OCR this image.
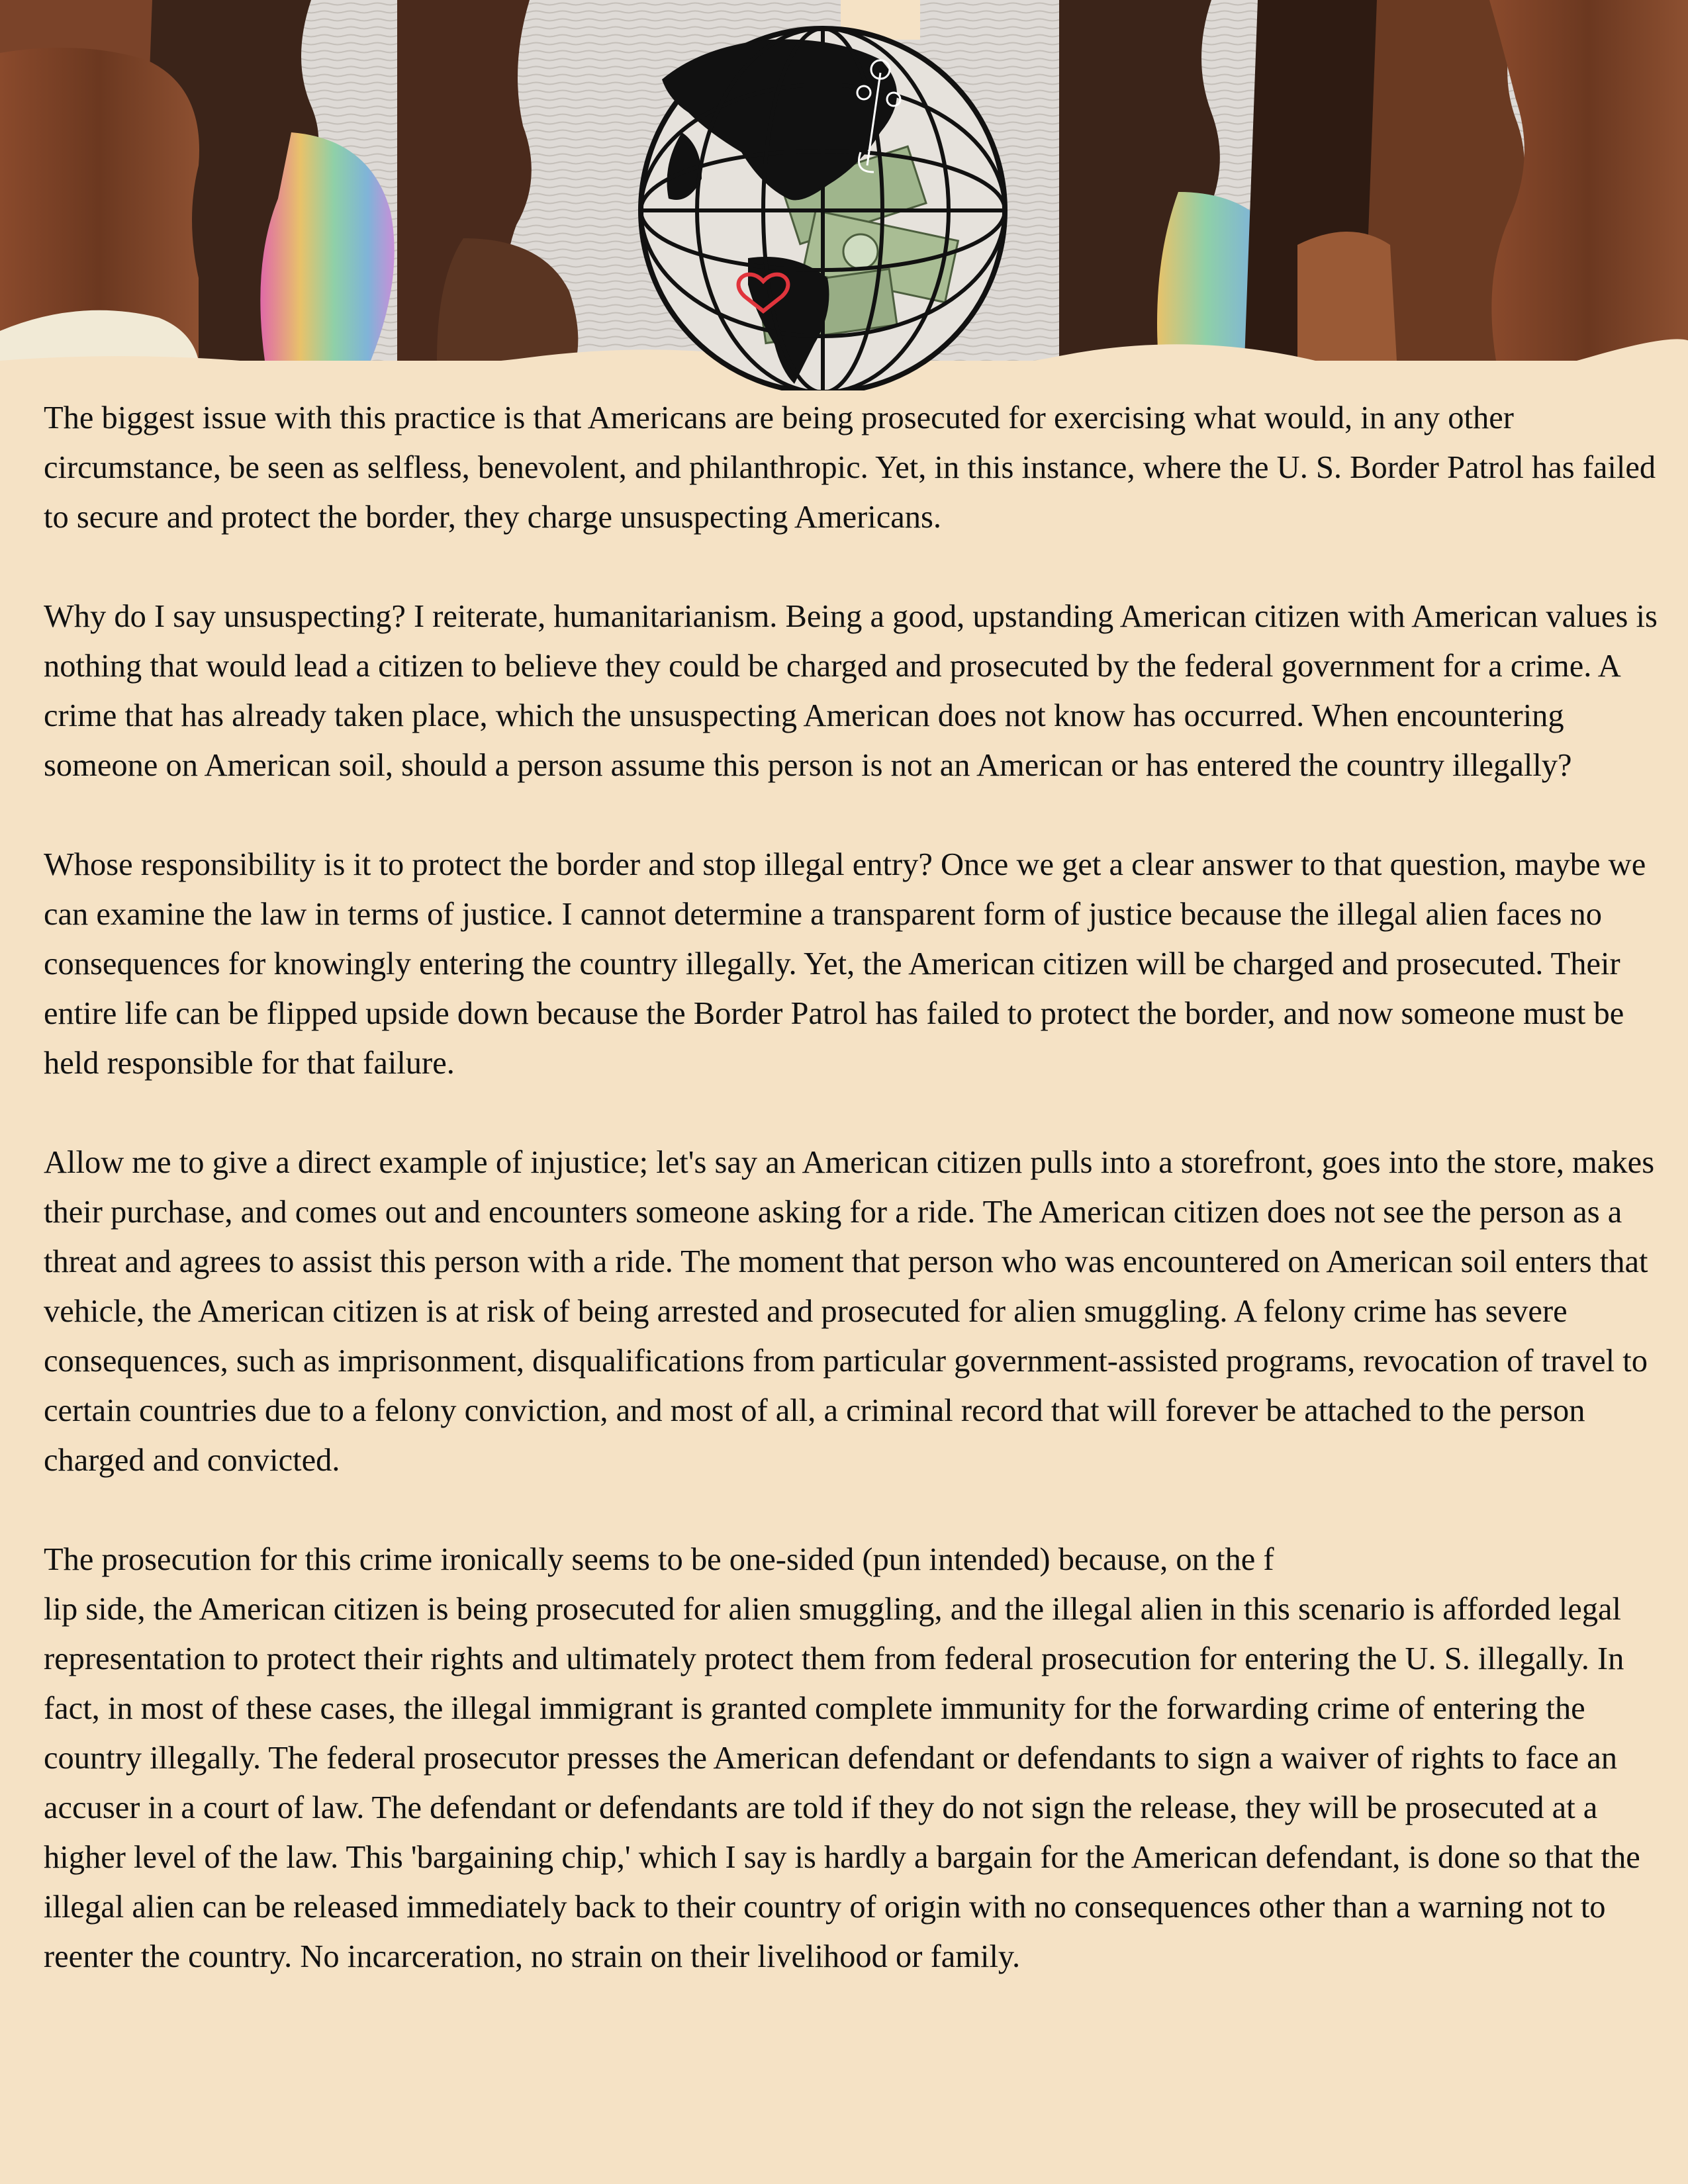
The biggest issue with this practice is that Americans are being prosecuted for exercising what would, in any other circumstance, be seen as selfless, benevolent, and philanthropic. Yet, in this instance, where the U. S. Border Patrol has failed to secure and protect the border, they charge unsuspecting Americans.

Why do I say unsuspecting? I reiterate, humanitarianism. Being a good, upstanding American citizen with American values is nothing that would lead a citizen to believe they could be charged and prosecuted by the federal government for a crime. A crime that has already taken place, which the unsuspecting American does not know has occurred. When encountering someone on American soil, should a person assume this person is not an American or has entered the country illegally?

Whose responsibility is it to protect the border and stop illegal entry? Once we get a clear answer to that question, maybe we can examine the law in terms of justice. I cannot determine a transparent form of justice because the illegal alien faces no consequences for knowingly entering the country illegally. Yet, the American citizen will be charged and prosecuted. Their entire life can be flipped upside down because the Border Patrol has failed to protect the border, and now someone must be held responsible for that failure.

Allow me to give a direct example of injustice; let's say an American citizen pulls into a storefront, goes into the store, makes their purchase, and comes out and encounters someone asking for a ride. The American citizen does not see the person as a threat and agrees to assist this person with a ride. The moment that person who was encountered on American soil enters that vehicle, the American citizen is at risk of being arrested and prosecuted for alien smuggling. A felony crime has severe consequences, such as imprisonment, disqualifications from particular government-assisted programs, revocation of travel to certain countries due to a felony conviction, and most of all, a criminal record that will forever be attached to the person charged and convicted.

The prosecution for this crime ironically seems to be one-sided (pun intended) because, on the f
lip side, the American citizen is being prosecuted for alien smuggling, and the illegal alien in this scenario is afforded legal representation to protect their rights and ultimately protect them from federal prosecution for entering the U. S. illegally. In fact, in most of these cases, the illegal immigrant is granted complete immunity for the forwarding crime of entering the country illegally. The federal prosecutor presses the American defendant or defendants to sign a waiver of rights to face an accuser in a court of law. The defendant or defendants are told if they do not sign the release, they will be prosecuted at a higher level of the law. This 'bargaining chip,' which I say is hardly a bargain for the American defendant, is done so that the illegal alien can be released immediately back to their country of origin with no consequences other than a warning not to reenter the country. No incarceration, no strain on their livelihood or family.
